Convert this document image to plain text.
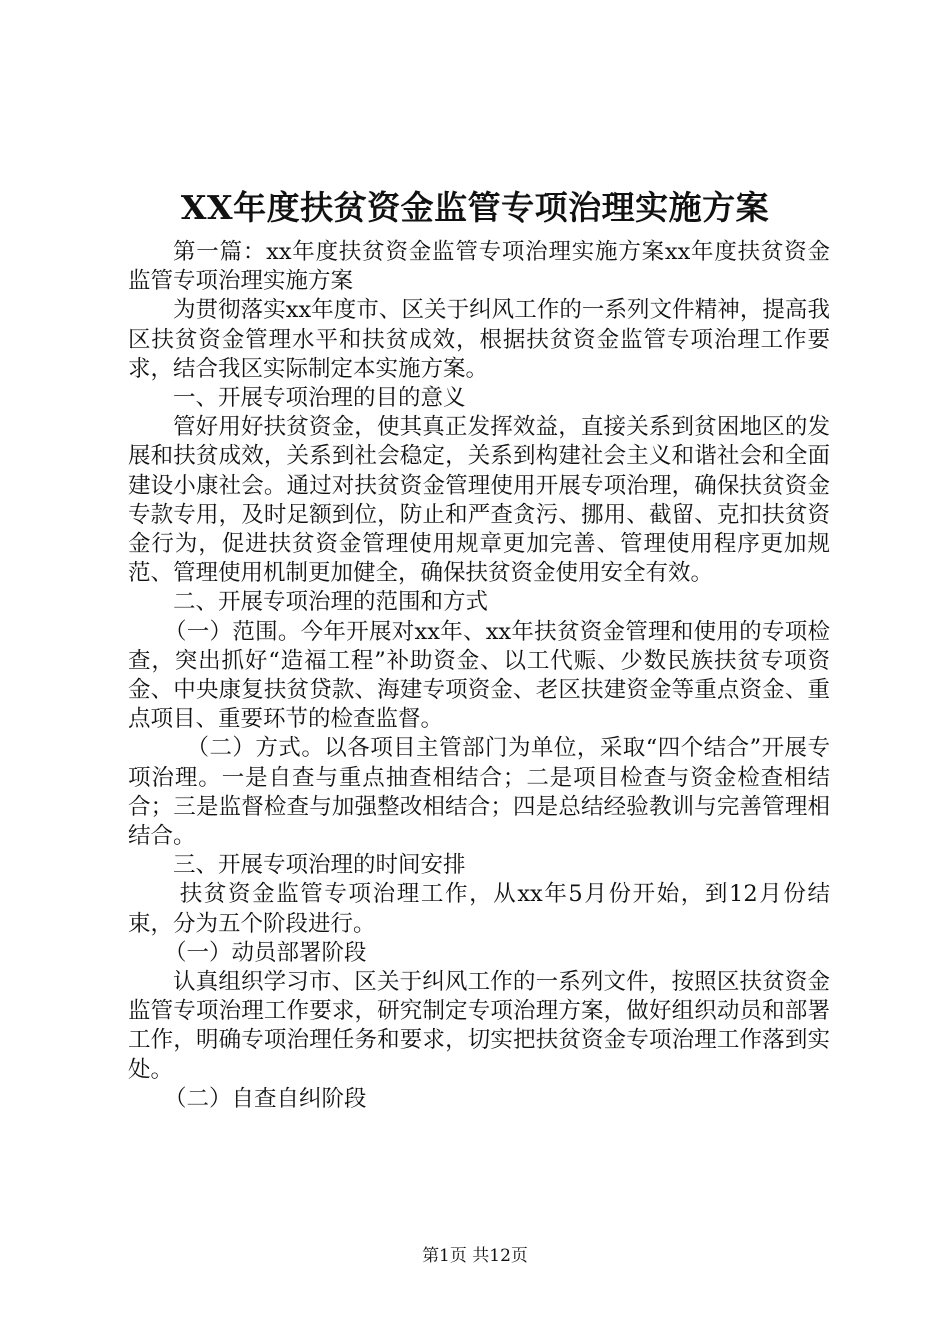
XX年度扶贫资金监管专项治理实施方案

第一篇：xx年度扶贫资金监管专项治理实施方案xx年度扶贫资金监管专项治理实施方案

为贯彻落实xx年度市、区关于纠风工作的一系列文件精神，提高我区扶贫资金管理水平和扶贫成效，根据扶贫资金监管专项治理工作要求，结合我区实际制定本实施方案。

一、开展专项治理的目的意义

管好用好扶贫资金，使其真正发挥效益，直接关系到贫困地区的发展和扶贫成效，关系到社会稳定，关系到构建社会主义和谐社会和全面建设小康社会。通过对扶贫资金管理使用开展专项治理，确保扶贫资金专款专用，及时足额到位，防止和严查贪污、挪用、截留、克扣扶贫资金行为，促进扶贫资金管理使用规章更加完善、管理使用程序更加规范、管理使用机制更加健全，确保扶贫资金使用安全有效。

二、开展专项治理的范围和方式

（一）范围。今年开展对xx年、xx年扶贫资金管理和使用的专项检查，突出抓好“造福工程”补助资金、以工代赈、少数民族扶贫专项资金、中央康复扶贫贷款、海建专项资金、老区扶建资金等重点资金、重点项目、重要环节的检查监督。

（二）方式。以各项目主管部门为单位，采取“四个结合”开展专项治理。一是自查与重点抽查相结合；二是项目检查与资金检查相结合；三是监督检查与加强整改相结合；四是总结经验教训与完善管理相结合。

三、开展专项治理的时间安排

扶贫资金监管专项治理工作，从xx年5月份开始，到12月份结束，分为五个阶段进行。

（一）动员部署阶段

认真组织学习市、区关于纠风工作的一系列文件，按照区扶贫资金监管专项治理工作要求，研究制定专项治理方案，做好组织动员和部署工作，明确专项治理任务和要求，切实把扶贫资金专项治理工作落到实处。

（二）自查自纠阶段

第1页 共12页
